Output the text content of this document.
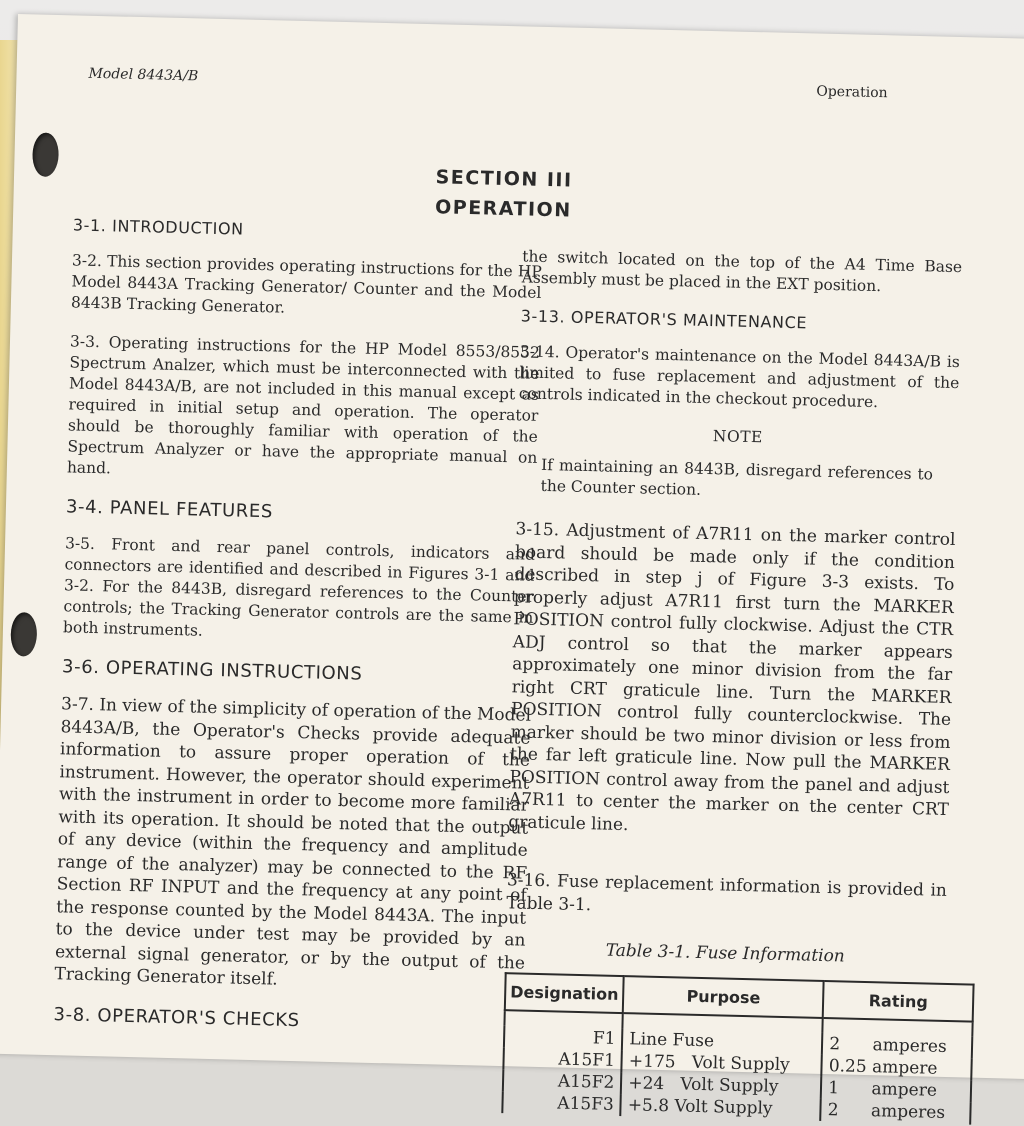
Model 8443A/B
Operation
SECTION III
OPERATION
3-1. INTRODUCTION

3-2. This section provides operating instructions for the HP Model 8443A Tracking Generator/ Counter and the Model 8443B Tracking Generator.

3-3. Operating instructions for the HP Model 8553/8552 Spectrum Analzer, which must be interconnected with the Model 8443A/B, are not included in this manual except as required in initial setup and operation. The operator should be thoroughly familiar with operation of the Spectrum Analyzer or have the appropriate manual on hand.

3-4. PANEL FEATURES

3-5. Front and rear panel controls, indicators and connectors are identified and described in Figures 3-1 and 3-2. For the 8443B, disregard references to the Counter controls; the Tracking Generator controls are the same in both instruments.

3-6. OPERATING INSTRUCTIONS

3-7. In view of the simplicity of operation of the Model 8443A/B, the Operator's Checks provide adequate information to assure proper operation of the instrument. However, the operator should experiment with the instrument in order to become more familiar with its operation. It should be noted that the output of any device (within the frequency and amplitude range of the analyzer) may be connected to the RF Section RF INPUT and the frequency at any point of the response counted by the Model 8443A. The input to the device under test may be provided by an external signal generator, or by the output of the Tracking Generator itself.

3-8. OPERATOR'S CHECKS

the switch located on the top of the A4 Time Base Assembly must be placed in the EXT position.

3-13. OPERATOR'S MAINTENANCE

3-14. Operator's maintenance on the Model 8443A/B is limited to fuse replacement and adjustment of the controls indicated in the checkout procedure.

NOTE
If maintaining an 8443B, disregard references to the Counter section.

3-15. Adjustment of A7R11 on the marker control board should be made only if the condition described in step j of Figure 3-3 exists. To properly adjust A7R11 first turn the MARKER POSITION control fully clockwise. Adjust the CTR ADJ control so that the marker appears approximately one minor division from the far right CRT graticule line. Turn the MARKER POSITION control fully counterclockwise. The marker should be two minor division or less from the far left graticule line. Now pull the MARKER POSITION control away from the panel and adjust A7R11 to center the marker on the center CRT graticule line.

3-16. Fuse replacement information is provided in Table 3-1.

Table 3-1. Fuse Information
Designation	Purpose	Rating

F1	Line Fuse	2      amperes
A15F1	+175   Volt Supply	0.25 ampere
A15F2	+24   Volt Supply	1      ampere
A15F3	+5.8 Volt Supply	2      amperes
